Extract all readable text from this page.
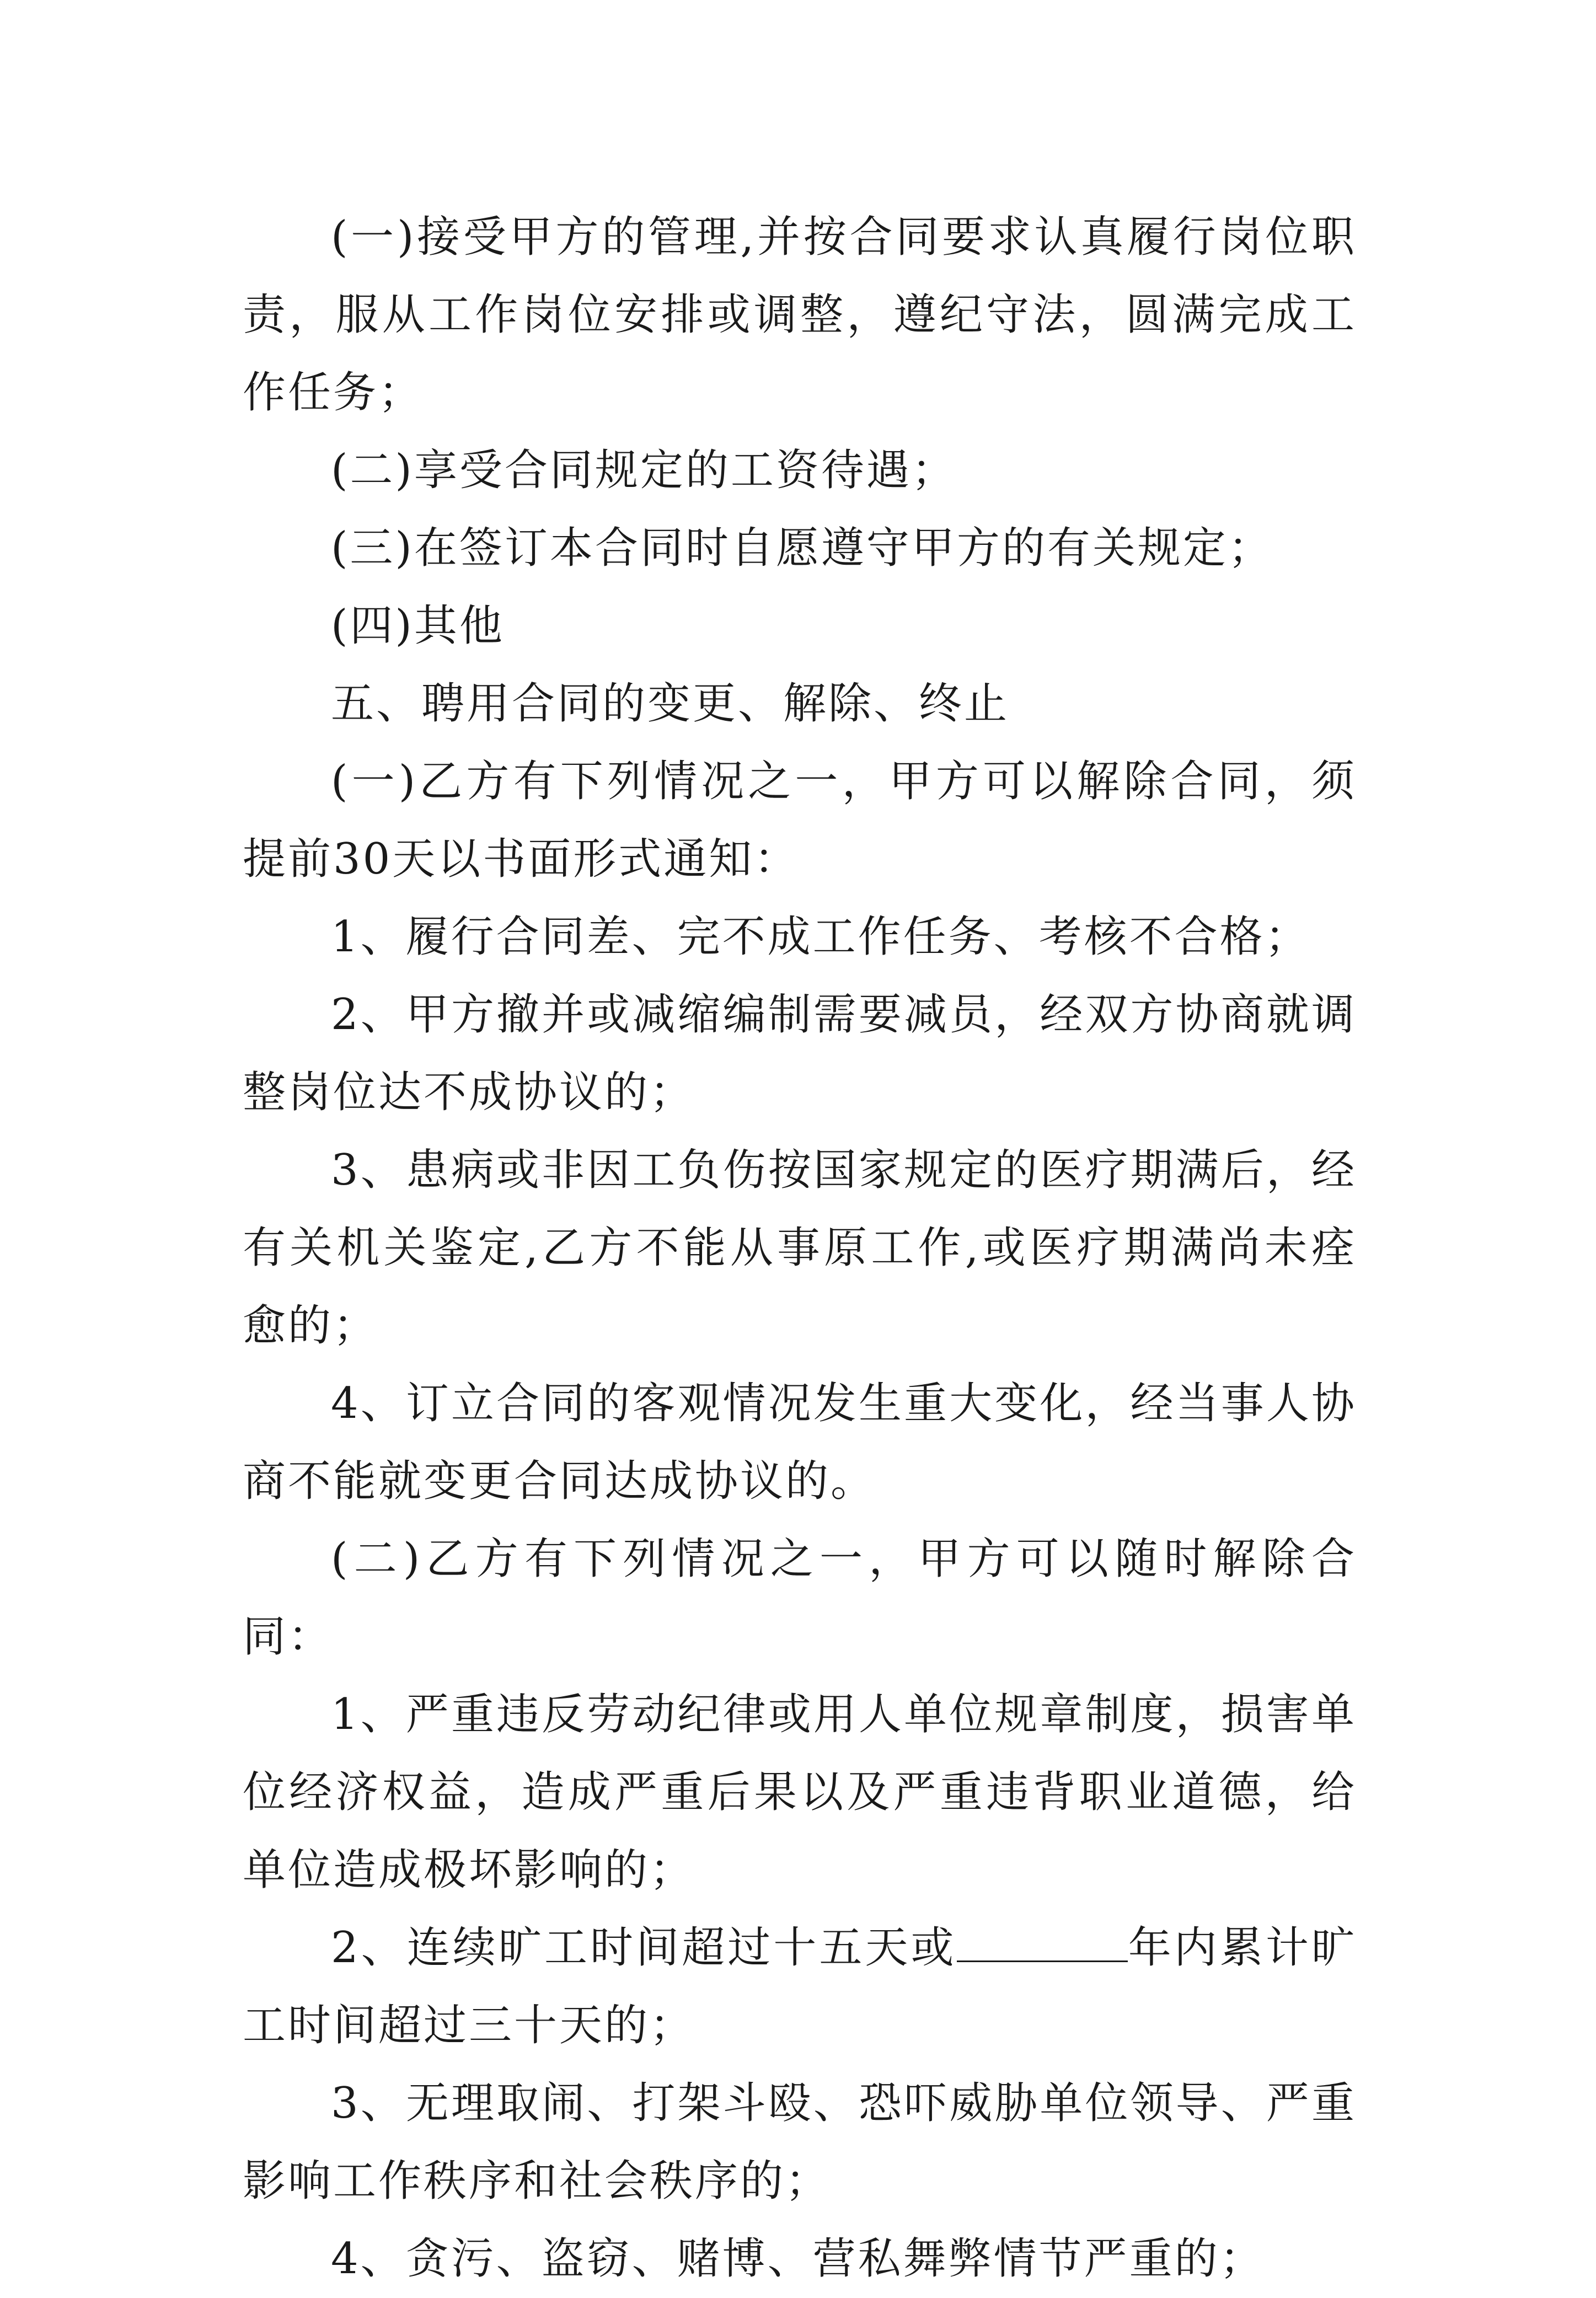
(一)接受甲方的管理,并按合同要求认真履行岗位职责，服从工作岗位安排或调整，遵纪守法，圆满完成工作任务；

(二)享受合同规定的工资待遇；

(三)在签订本合同时自愿遵守甲方的有关规定；

(四)其他

五、聘用合同的变更、解除、终止

(一)乙方有下列情况之一，甲方可以解除合同，须提前30天以书面形式通知：

1、履行合同差、完不成工作任务、考核不合格；

2、甲方撤并或减缩编制需要减员，经双方协商就调整岗位达不成协议的；

3、患病或非因工负伤按国家规定的医疗期满后，经有关机关鉴定,乙方不能从事原工作,或医疗期满尚未痊愈的；

4、订立合同的客观情况发生重大变化，经当事人协商不能就变更合同达成协议的。

(二)乙方有下列情况之一，甲方可以随时解除合同：

1、严重违反劳动纪律或用人单位规章制度，损害单位经济权益，造成严重后果以及严重违背职业道德，给单位造成极坏影响的；

2、连续旷工时间超过十五天或	年内累计旷工时间超过三十天的；

3、无理取闹、打架斗殴、恐吓威胁单位领导、严重影响工作秩序和社会秩序的；

4、贪污、盗窃、赌博、营私舞弊情节严重的；
